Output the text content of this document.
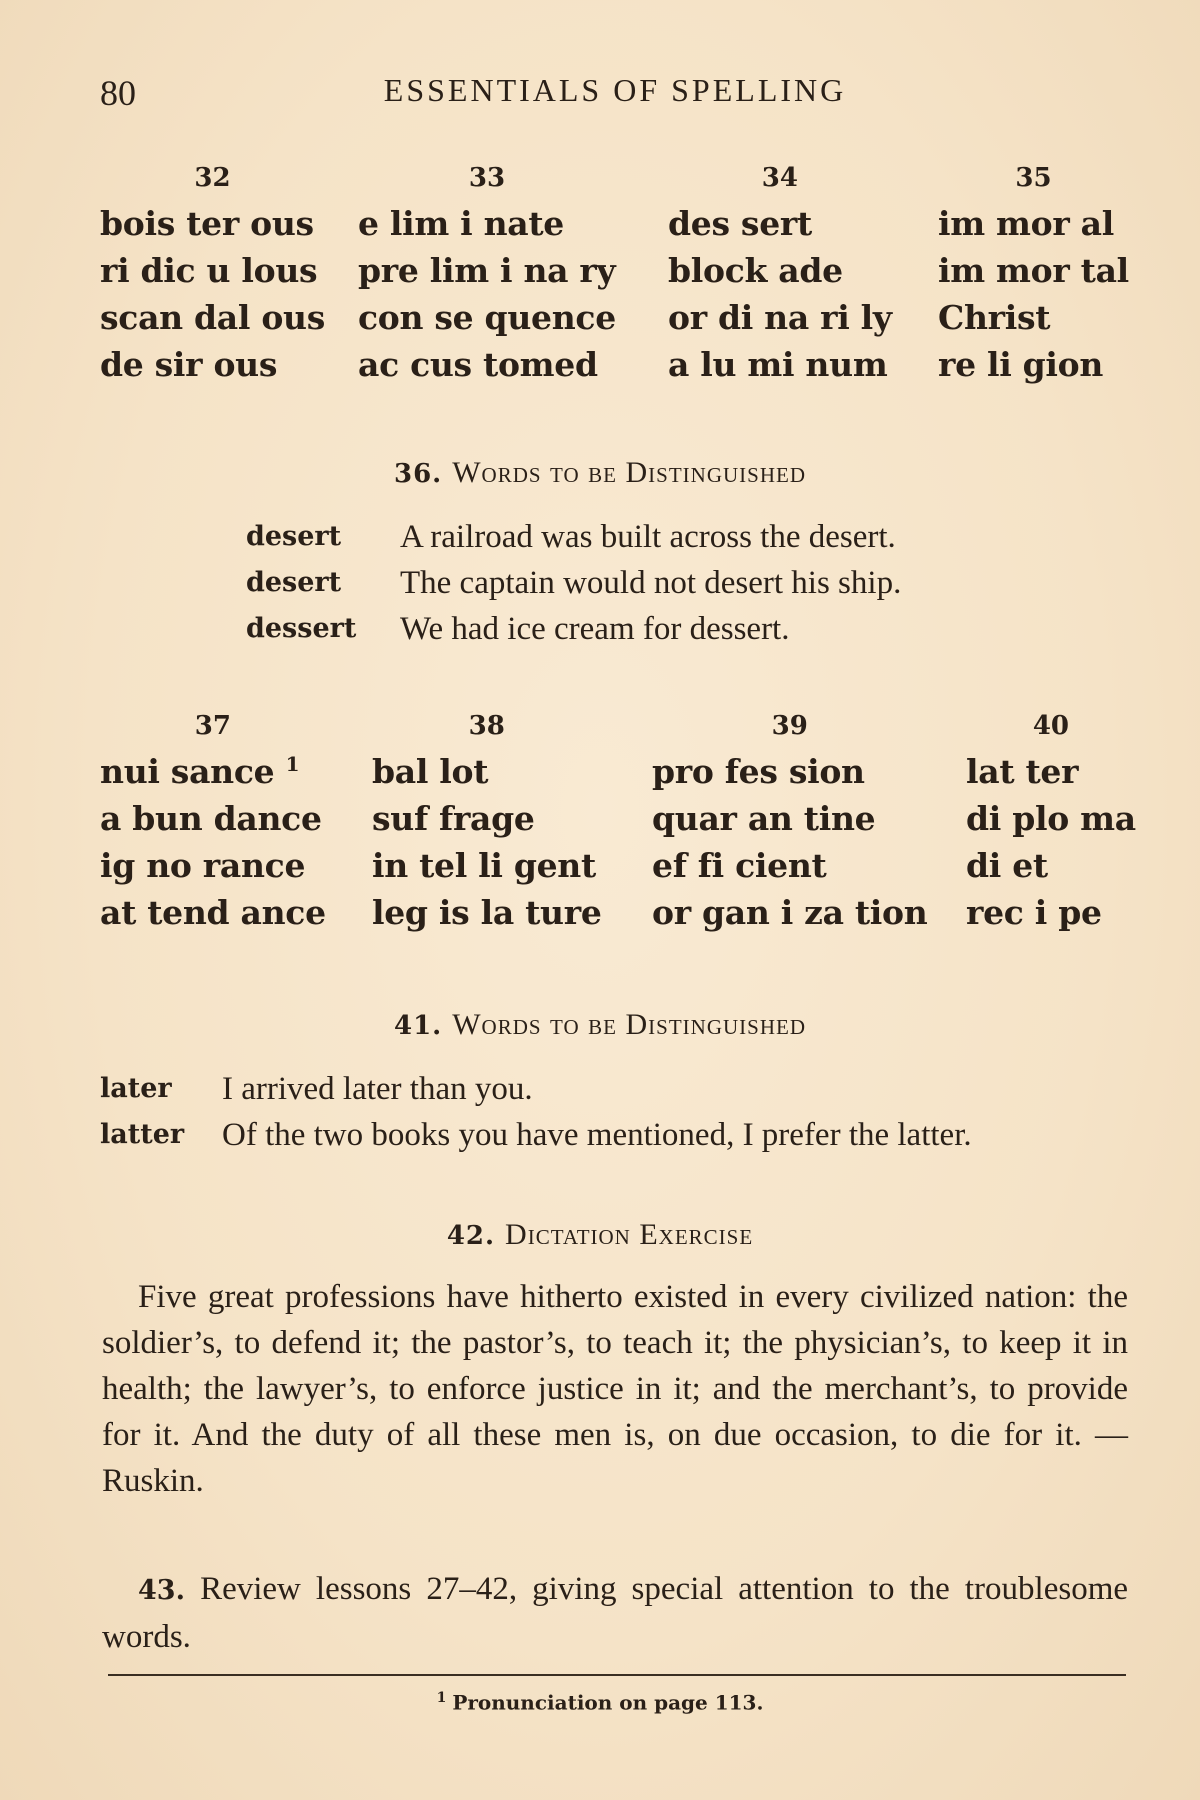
80	ESSENTIALS OF SPELLING
32
bois ter ous
ri dic u lous
scan dal ous
de sir ous
33
e lim i nate
pre lim i na ry
con se quence
ac cus tomed
34
des sert
block ade
or di na ri ly
a lu mi num
35
im mor al
im mor tal
Christ
re li gion
36. Words to be Distinguished
desert A railroad was built across the desert.
desert The captain would not desert his ship.
dessert We had ice cream for dessert.
37
nui sance $^1$
a bun dance
ig no rance
at tend ance
38
bal lot
suf frage
in tel li gent
leg is la ture
39
pro fes sion
quar an tine
ef fi cient
or gan i za tion
40
lat ter
di plo ma
di et
rec i pe
41. Words to be Distinguished
later I arrived later than you.
latter Of the two books you have mentioned, I prefer the latter.
42. Dictation Exercise
Five great professions have hitherto existed in every civilized nation: the soldier’s, to defend it; the pastor’s, to teach it; the physician’s, to keep it in health; the lawyer’s, to enforce justice in it; and the merchant’s, to provide for it. And the duty of all these men is, on due occasion, to die for it. — Ruskin.
43. Review lessons 27–42, giving special attention to the troublesome words.
$^1$ Pronunciation on page 113.
